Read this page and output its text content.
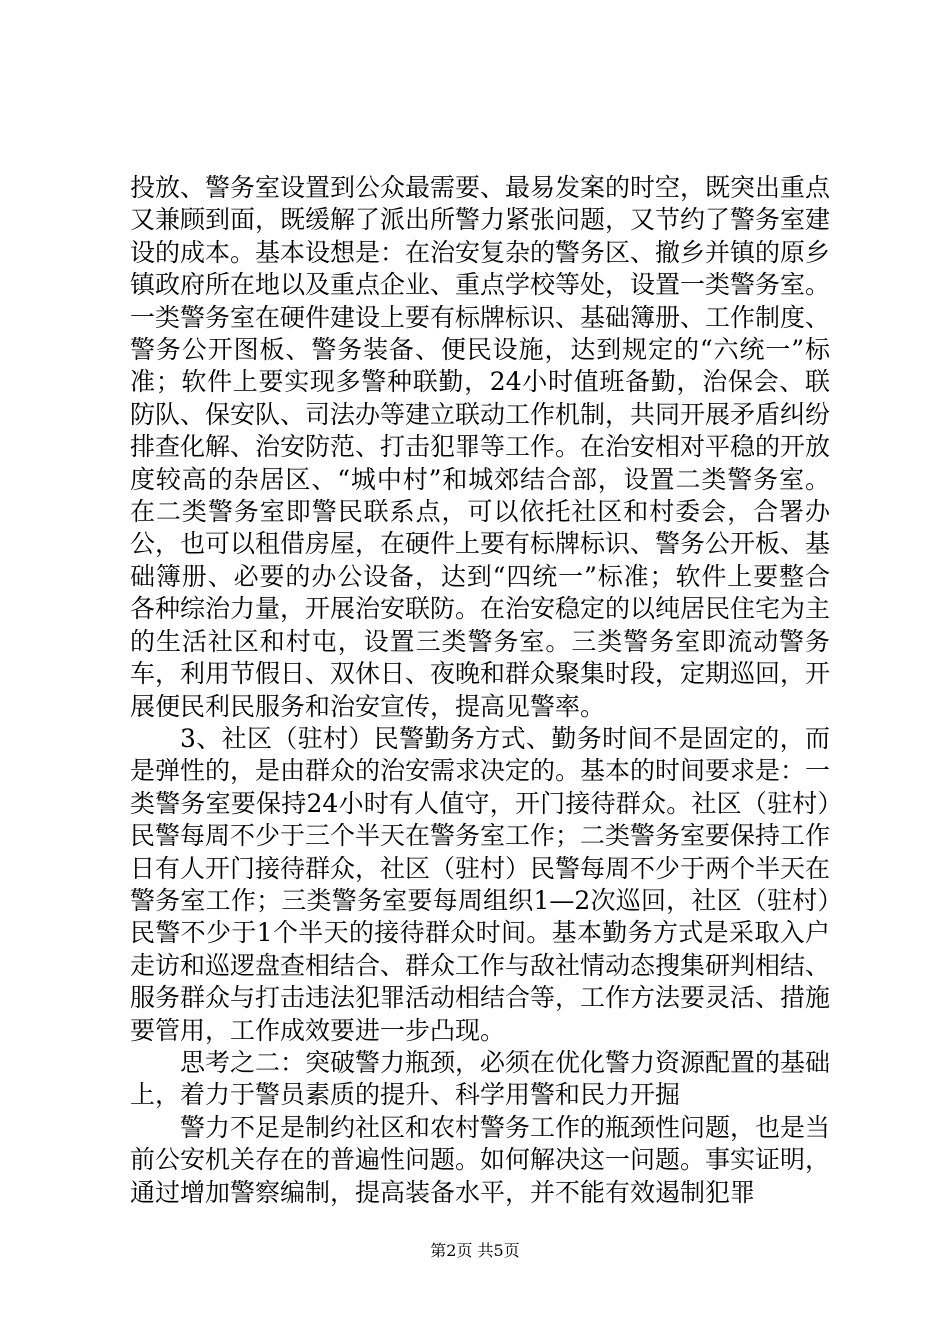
投放、警务室设置到公众最需要、最易发案的时空，既突出重点又兼顾到面，既缓解了派出所警力紧张问题，又节约了警务室建设的成本。基本设想是：在治安复杂的警务区、撤乡并镇的原乡镇政府所在地以及重点企业、重点学校等处，设置一类警务室。一类警务室在硬件建设上要有标牌标识、基础簿册、工作制度、警务公开图板、警务装备、便民设施，达到规定的“六统一”标准；软件上要实现多警种联勤，24小时值班备勤，治保会、联防队、保安队、司法办等建立联动工作机制，共同开展矛盾纠纷排查化解、治安防范、打击犯罪等工作。在治安相对平稳的开放度较高的杂居区、“城中村”和城郊结合部，设置二类警务室。在二类警务室即警民联系点，可以依托社区和村委会，合署办公，也可以租借房屋，在硬件上要有标牌标识、警务公开板、基础簿册、必要的办公设备，达到“四统一”标准；软件上要整合各种综治力量，开展治安联防。在治安稳定的以纯居民住宅为主的生活社区和村屯，设置三类警务室。三类警务室即流动警务车，利用节假日、双休日、夜晚和群众聚集时段，定期巡回，开展便民利民服务和治安宣传，提高见警率。

3、社区（驻村）民警勤务方式、勤务时间不是固定的，而是弹性的，是由群众的治安需求决定的。基本的时间要求是：一类警务室要保持24小时有人值守，开门接待群众。社区（驻村）民警每周不少于三个半天在警务室工作；二类警务室要保持工作日有人开门接待群众，社区（驻村）民警每周不少于两个半天在警务室工作；三类警务室要每周组织1—2次巡回，社区（驻村）民警不少于1个半天的接待群众时间。基本勤务方式是采取入户走访和巡逻盘查相结合、群众工作与敌社情动态搜集研判相结、服务群众与打击违法犯罪活动相结合等，工作方法要灵活、措施要管用，工作成效要进一步凸现。

思考之二：突破警力瓶颈，必须在优化警力资源配置的基础上，着力于警员素质的提升、科学用警和民力开掘

警力不足是制约社区和农村警务工作的瓶颈性问题，也是当前公安机关存在的普遍性问题。如何解决这一问题。事实证明，通过增加警察编制，提高装备水平，并不能有效遏制犯罪

第2页 共5页
